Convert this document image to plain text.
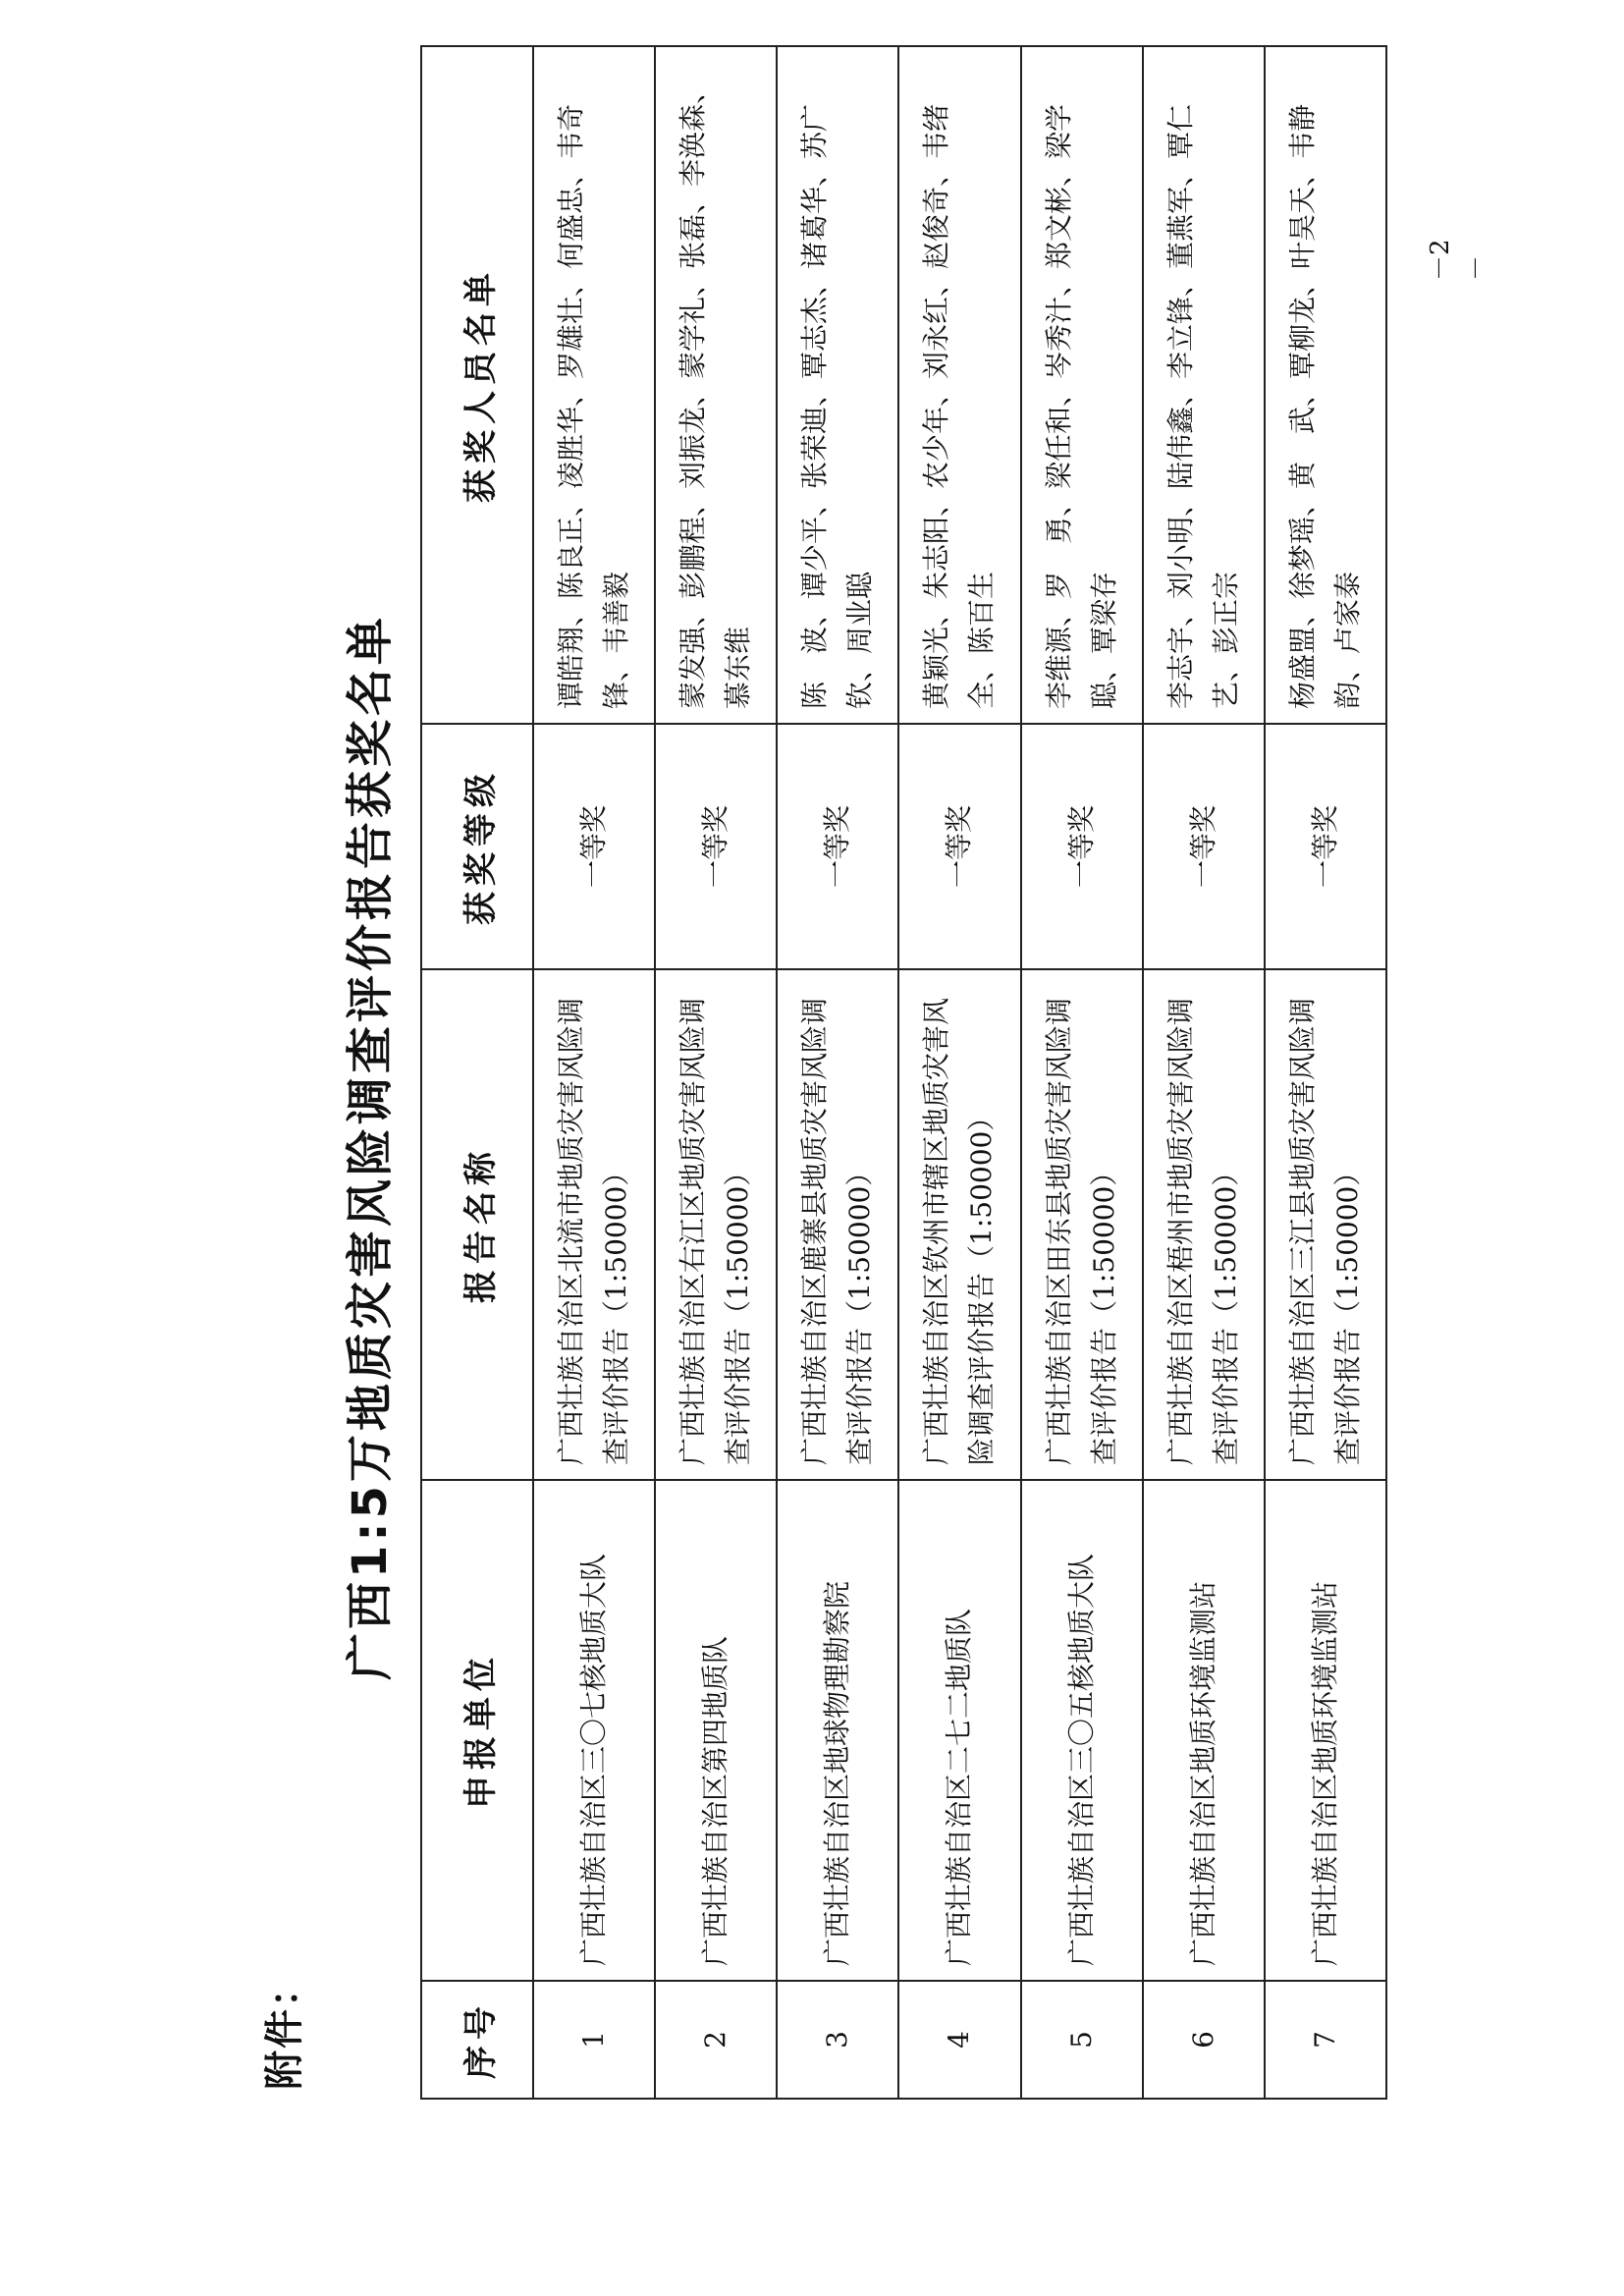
－2－
附件：
广西1:5万地质灾害风险调查评价报告获奖名单
序号	申报单位	报告名称	获奖等级	获奖人员名单
1	广西壮族自治区三〇七核地质大队	广西壮族自治区北流市地质灾害风险调查评价报告（1:50000）	一等奖	谭皓翔、陈良正、凌胜华、罗雄壮、何盛忠、韦奇锋、韦善毅
2	广西壮族自治区第四地质队	广西壮族自治区右江区地质灾害风险调查评价报告（1:50000）	一等奖	蒙发强、彭鹏程、刘振龙、蒙学礼、张磊、李涣森、慕东维
3	广西壮族自治区地球物理勘察院	广西壮族自治区鹿寨县地质灾害风险调查评价报告（1:50000）	一等奖	陈　波、谭少平、张荣迪、覃志杰、诸葛华、苏广钦、周业聪
4	广西壮族自治区二七二地质队	广西壮族自治区钦州市辖区地质灾害风险调查评价报告（1:50000）	一等奖	黄颖光、朱志阳、农少年、刘永红、赵俊奇、韦绪全、陈百生
5	广西壮族自治区三〇五核地质大队	广西壮族自治区田东县地质灾害风险调查评价报告（1:50000）	一等奖	李维源、罗　勇、梁任和、岑秀汁、郑文彬、梁学聪、覃梁存
6	广西壮族自治区地质环境监测站	广西壮族自治区梧州市地质灾害风险调查评价报告（1:50000）	一等奖	李志宇、刘小明、陆伟鑫、李立锋、董燕军、覃仁艺、彭正宗
7	广西壮族自治区地质环境监测站	广西壮族自治区三江县地质灾害风险调查评价报告（1:50000）	一等奖	杨盛盟、徐梦瑶、黄　武、覃柳龙、叶昊天、韦静韵、卢家泰
